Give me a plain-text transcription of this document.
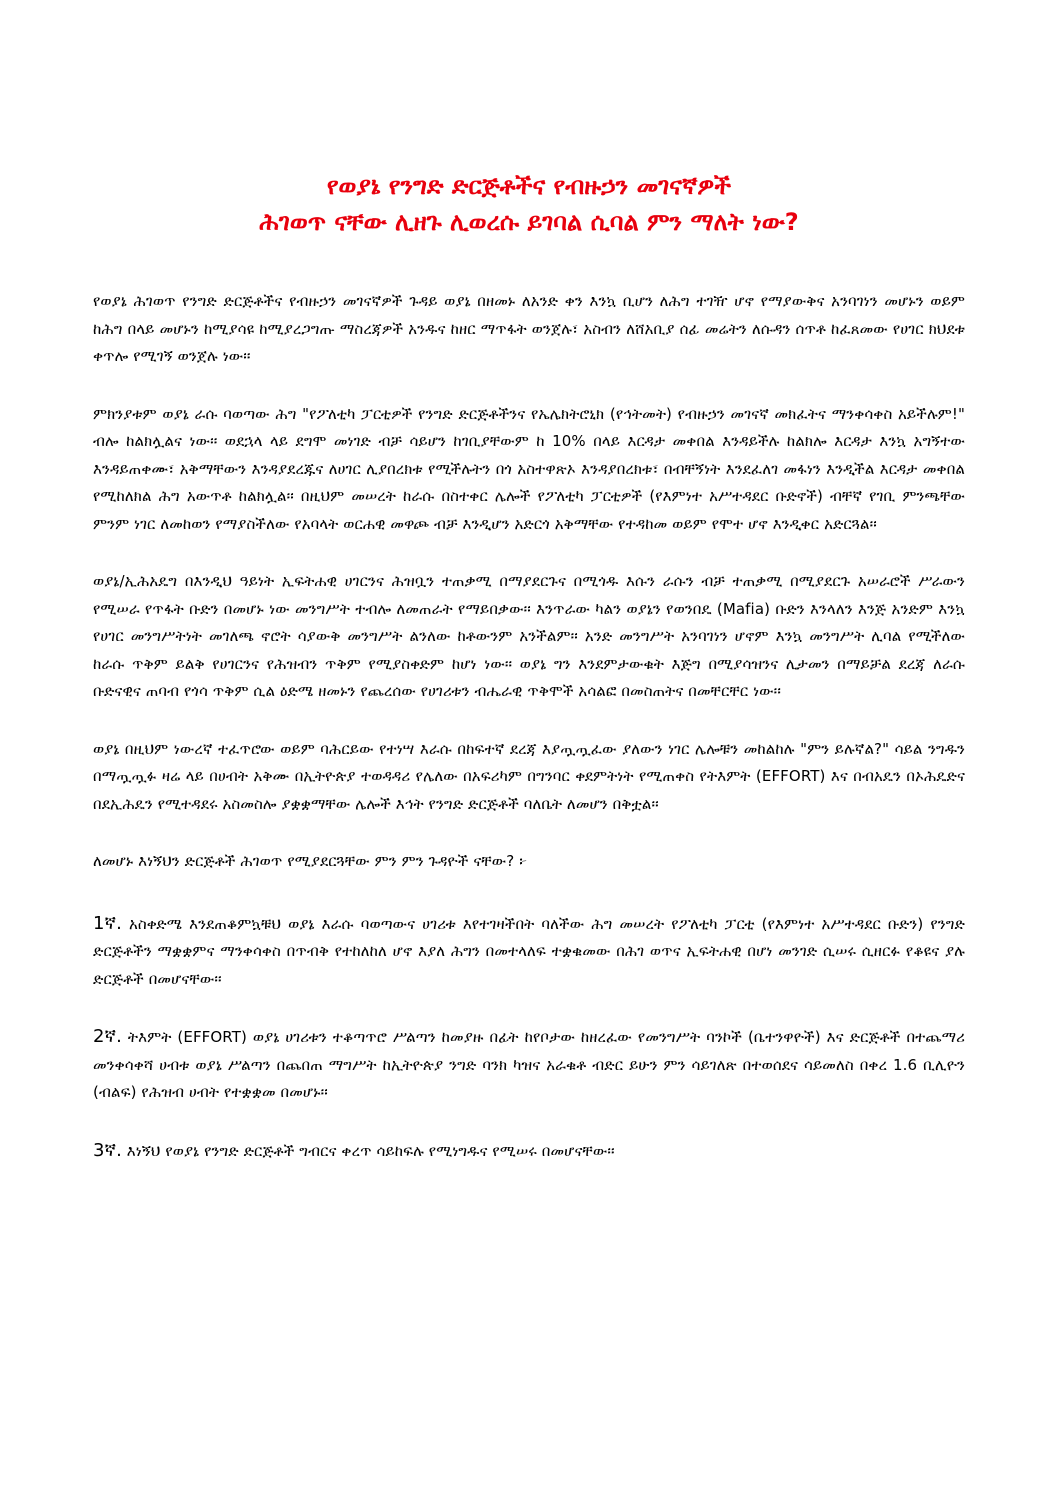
የወያኔ የንግድ ድርጅቶችና የብዙኃን መገናኛዎች
ሕገወጥ ናቸው ሊዘጉ ሊወረሱ ይገባል ሲባል ምን ማለት ነው?

የወያኔ ሕገወጥ የንግድ ድርጅቶችና የብዙኃን መገናኛዎች ጉዳይ ወያኔ በዘመኑ ለአንድ ቀን እንኳ ቢሆን ለሕግ ተገዥ ሆኖ የማያውቅና አንባገነን መሆኑን ወይም ከሕግ በላይ መሆኑን ከሚያሳዩ ከሚያረጋግጡ ማስረጃዎች አንዱና ከዘር ማጥፋት ወንጀሉ፣ አስብን ለሸአቢያ ሰፊ መሬትን ለሱዳን ሰጥቶ ከፈጸመው የሀገር ክህደቱ ቀጥሎ የሚገኝ ወንጀሉ ነው፡፡

ምክንያቱም ወያኔ ራሱ ባወጣው ሕግ "የፖለቲካ ፓርቲዎች የንግድ ድርጅቶችንና የኤሌክትሮኒክ (የኅትመት) የብዙኃን መገናኛ መክፈትና ማንቀሳቀስ አይችሉም!" ብሎ ከልክሏልና ነው፡፡ ወደኋላ ላይ ደግሞ መነገድ ብቻ ሳይሆን ከገቢያቸውም ከ 10% በላይ እርዳታ መቀበል እንዳይችሉ ከልክሎ እርዳታ እንኳ አግኝተው እንዳይጠቀሙ፣ አቅማቸውን እንዳያደረጁና ለሀገር ሊያበረክቱ የሚችሉትን በጎ አስተዋጽኦ እንዳያበረክቱ፣ በብቸኝነት እንደፈለገ መፋነን እንዲችል እርዳታ መቀበል የሚከለክል ሕግ አውጥቶ ከልክሏል፡፡ በዚህም መሠረት ከራሱ በስተቀር ሌሎች የፖለቲካ ፓርቲዎች (የእምነተ አሥተዳደር ቡድኖች) ብቸኛ የገቢ ምንጫቸው ምንም ነገር ለመከወን የማያስችለው የአባላት ወርሐዊ መዋጮ ብቻ እንዲሆን አድርጎ አቅማቸው የተዳከመ ወይም የሞተ ሆኖ እንዲቀር አድርጓል፡፡

ወያኔ/ኢሕአዴግ በእንዲህ ዓይነት ኢፍትሐዊ ሀገርንና ሕዝቧን ተጠቃሚ በማያደርጉና በሚጎዱ እሱን ራሱን ብቻ ተጠቃሚ በሚያደርጉ አሠራሮች ሥራውን የሚሠራ የጥፋት ቡድን በመሆኑ ነው መንግሥት ተብሎ ለመጠራት የማይበቃው፡፡ እንጥራው ካልን ወያኔን የወንበዴ (Mafia) ቡድን እንላለን እንጅ አንድም እንኳ የሀገር መንግሥትነት መገለጫ ኖሮት ሳያውቅ መንግሥት ልንለው ከቶውንም አንችልም፡፡ አንድ መንግሥት አንባገነን ሆኖም እንኳ መንግሥት ሊባል የሚችለው ከራሱ ጥቅም ይልቅ የሀገርንና የሕዝብን ጥቅም የሚያስቀድም ከሆነ ነው፡፡ ወያኔ ግን እንደምታውቁት እጅግ በሚያሳዝንና ሊታመን በማይቻል ደረጃ ለራሱ ቡድናዊና ጠባብ የጎሳ ጥቅም ሲል ዕድሜ ዘመኑን የጨረሰው የሀገሪቱን ብሔራዊ ጥቅሞች አሳልፎ በመስጠትና በመቸርቸር ነው፡፡

ወያኔ በዚህም ነውረኛ ተፈጥሮው ወይም ባሕርይው የተነሣ እራሱ በከፍተኛ ደረጃ እያጧጧፈው ያለውን ነገር ሌሎቹን መከልከሉ "ምን ይሉኛል?" ሳይል ንግዱን በማጧጧፉ ዛሬ ላይ በሀብት አቅሙ በኢትዮጵያ ተወዳዳሪ የሌለው በአፍሪካም በግንባር ቀደምትነት የሚጠቀስ የትእምት (EFFORT) እና በብአዴን በኦሕዴድና በደኢሕዴን የሚተዳደሩ አስመስሎ ያቋቋማቸው ሌሎች እኅት የንግድ ድርጅቶች ባለቤት ለመሆን በቅቷል፡፡

ለመሆኑ እነኝህን ድርጅቶች ሕገወጥ የሚያደርጓቸው ምን ምን ጉዳዮች ናቸው? ፦

1ኛ. አስቀድሜ እንደጠቆምኳቹህ ወያኔ እራሱ ባወጣውና ሀገሪቱ እየተገዛችበት ባለችው ሕግ መሠረት የፖለቲካ ፓርቲ (የእምነተ አሥተዳደር ቡድን) የንግድ ድርጅቶችን ማቋቋምና ማንቀሳቀስ በጥብቅ የተከለከለ ሆኖ እያለ ሕግን በመተላለፍ ተቋቁመው በሕገ ወጥና ኢፍትሐዊ በሆነ መንገድ ሲሠሩ ሲዘርፉ የቆዩና ያሉ ድርጅቶች በመሆናቸው፡፡

2ኛ. ትእምት (EFFORT) ወያኔ ሀገሪቱን ተቆጣጥሮ ሥልጣን ከመያዙ በፊት ከየቦታው ከዘረፈው የመንግሥት ባንኮች (ቤተንዋዮች) እና ድርጅቶች በተጨማሪ መንቀሳቀሻ ሀብቱ ወያኔ ሥልጣን በጨበጠ ማግሥት ከኢትዮጵያ ንግድ ባንክ ካዝና አራቁቶ ብድር ይሁን ምን ሳይገለጽ በተወሰደና ሳይመለስ በቀረ 1.6 ቢሊዮን (ብልፍ) የሕዝብ ሀብት የተቋቋመ በመሆኑ፡፡

3ኛ. እነኝህ የወያኔ የንግድ ድርጅቶች ግብርና ቀረጥ ሳይከፍሉ የሚነግዱና የሚሠሩ በመሆናቸው፡፡
